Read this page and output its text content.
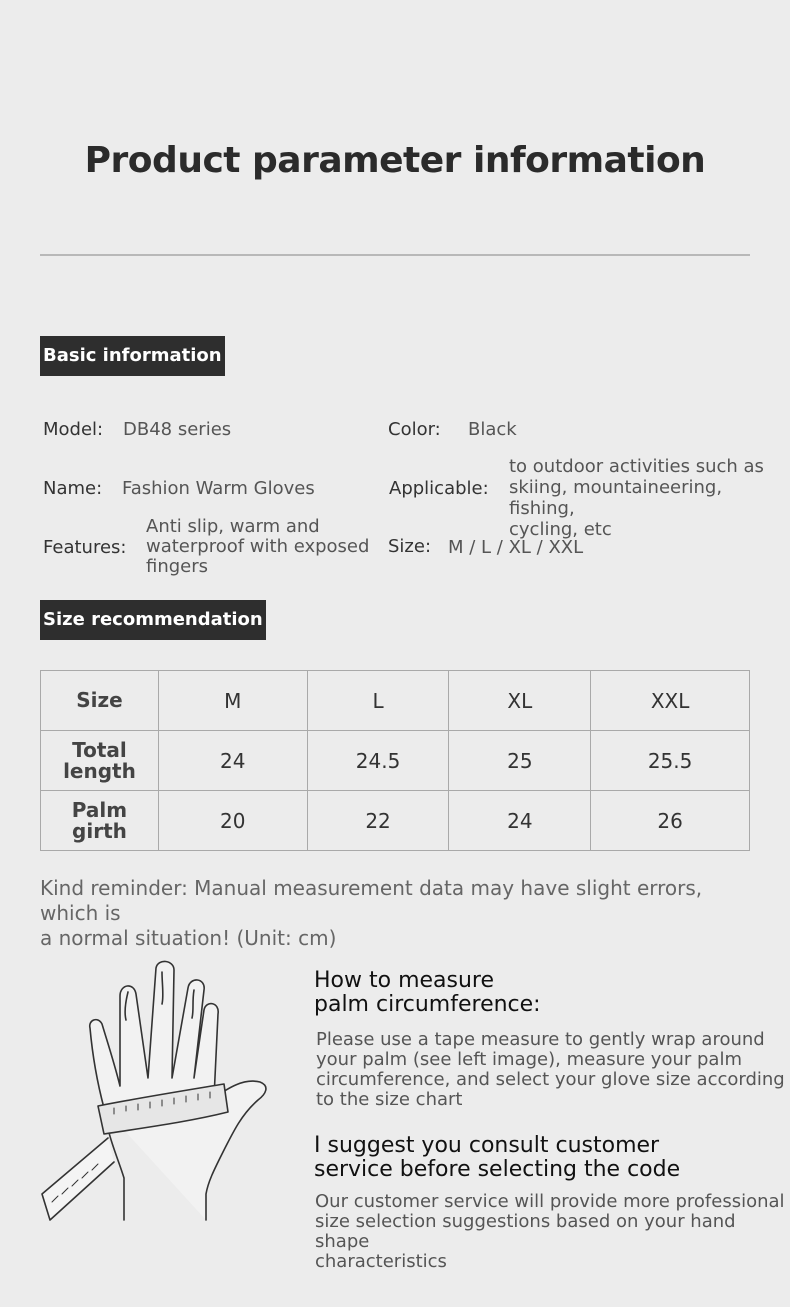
Product parameter information
Basic information
Model: DB48 series	Color: Black
Name: Fashion Warm Gloves	Applicable:
to outdoor activities such as
skiing, mountaineering, fishing,
cycling, etc
Features:
Anti slip, warm and
waterproof with exposed
fingers
Size: M / L / XL / XXL
Size recommendation
Size	M	L	XL	XXL

Total
length	24	24.5	25	25.5

Palm girth	20	22	24	26
Kind reminder: Manual measurement data may have slight errors, which is
a normal situation! (Unit: cm)
How to measure
palm circumference:
Please use a tape measure to gently wrap around
your palm (see left image), measure your palm
circumference, and select your glove size according
to the size chart
I suggest you consult customer
service before selecting the code
Our customer service will provide more professional
size selection suggestions based on your hand shape
characteristics
